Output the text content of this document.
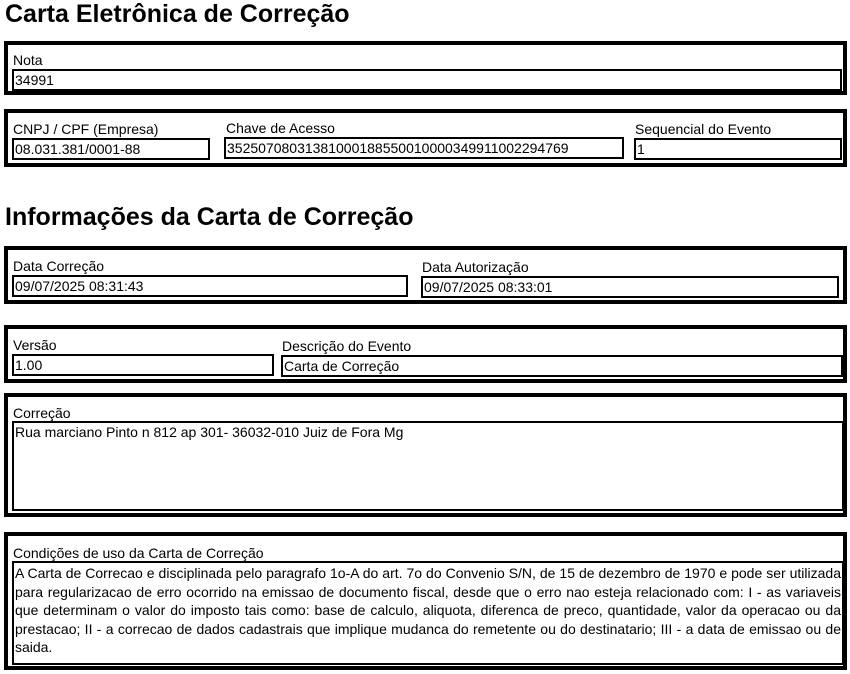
Carta Eletrônica de Correção
Nota
34991
CNPJ / CPF (Empresa)
08.031.381/0001-88
Chave de Acesso
35250708031381000188550010000349911002294769
Sequencial do Evento
1
Informações da Carta de Correção
Data Correção
09/07/2025 08:31:43
Data Autorização
09/07/2025 08:33:01
Versão
1.00
Descrição do Evento
Carta de Correção
Correção
Rua marciano Pinto n 812 ap 301- 36032-010 Juiz de Fora Mg
Condições de uso da Carta de Correção
A Carta de Correcao e disciplinada pelo paragrafo 1o-A do art. 7o do Convenio S/N, de 15 de dezembro de 1970 e pode ser utilizada para regularizacao de erro ocorrido na emissao de documento fiscal, desde que o erro nao esteja relacionado com: I - as variaveis que determinam o valor do imposto tais como: base de calculo, aliquota, diferenca de preco, quantidade, valor da operacao ou da prestacao; II - a correcao de dados cadastrais que implique mudanca do remetente ou do destinatario; III - a data de emissao ou de saida.
